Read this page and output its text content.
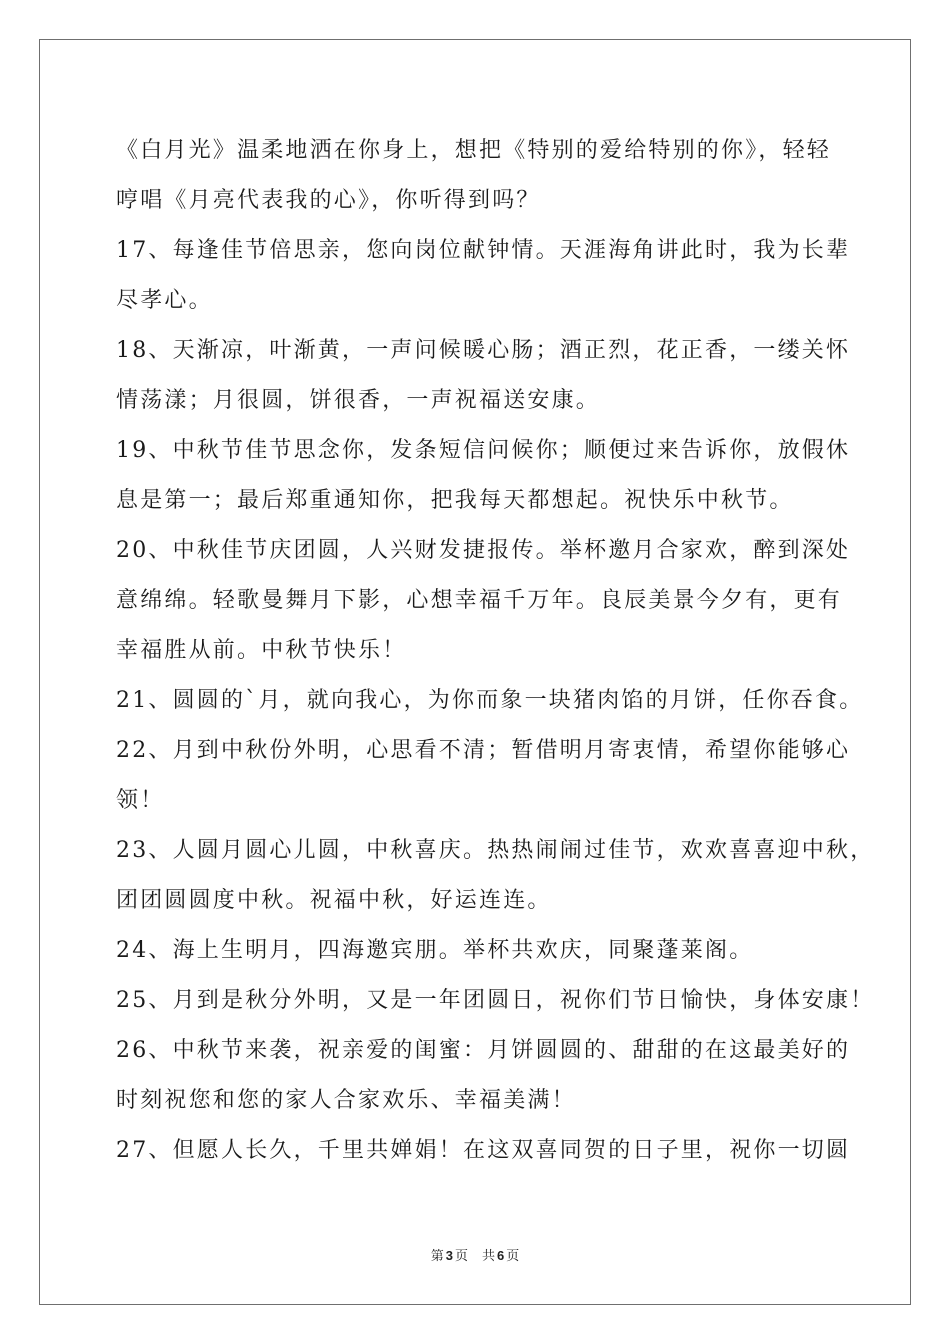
《白月光》温柔地洒在你身上，想把《特别的爱给特别的你》，轻轻
哼唱《月亮代表我的心》，你听得到吗？

17、每逢佳节倍思亲，您向岗位献钟情。天涯海角讲此时，我为长辈
尽孝心。

18、天渐凉，叶渐黄，一声问候暖心肠；酒正烈，花正香，一缕关怀
情荡漾；月很圆，饼很香，一声祝福送安康。

19、中秋节佳节思念你，发条短信问候你；顺便过来告诉你，放假休
息是第一；最后郑重通知你，把我每天都想起。祝快乐中秋节。

20、中秋佳节庆团圆，人兴财发捷报传。举杯邀月合家欢，醉到深处
意绵绵。轻歌曼舞月下影，心想幸福千万年。良辰美景今夕有，更有
幸福胜从前。中秋节快乐！

21、圆圆的`月，就向我心，为你而象一块猪肉馅的月饼，任你吞食。

22、月到中秋份外明，心思看不清；暂借明月寄衷情，希望你能够心
领！

23、人圆月圆心儿圆，中秋喜庆。热热闹闹过佳节，欢欢喜喜迎中秋，
团团圆圆度中秋。祝福中秋，好运连连。

24、海上生明月，四海邀宾朋。举杯共欢庆，同聚蓬莱阁。

25、月到是秋分外明，又是一年团圆日，祝你们节日愉快，身体安康！

26、中秋节来袭，祝亲爱的闺蜜：月饼圆圆的、甜甜的在这最美好的
时刻祝您和您的家人合家欢乐、幸福美满！

27、但愿人长久，千里共婵娟！在这双喜同贺的日子里，祝你一切圆

第 3 页 共 6 页
